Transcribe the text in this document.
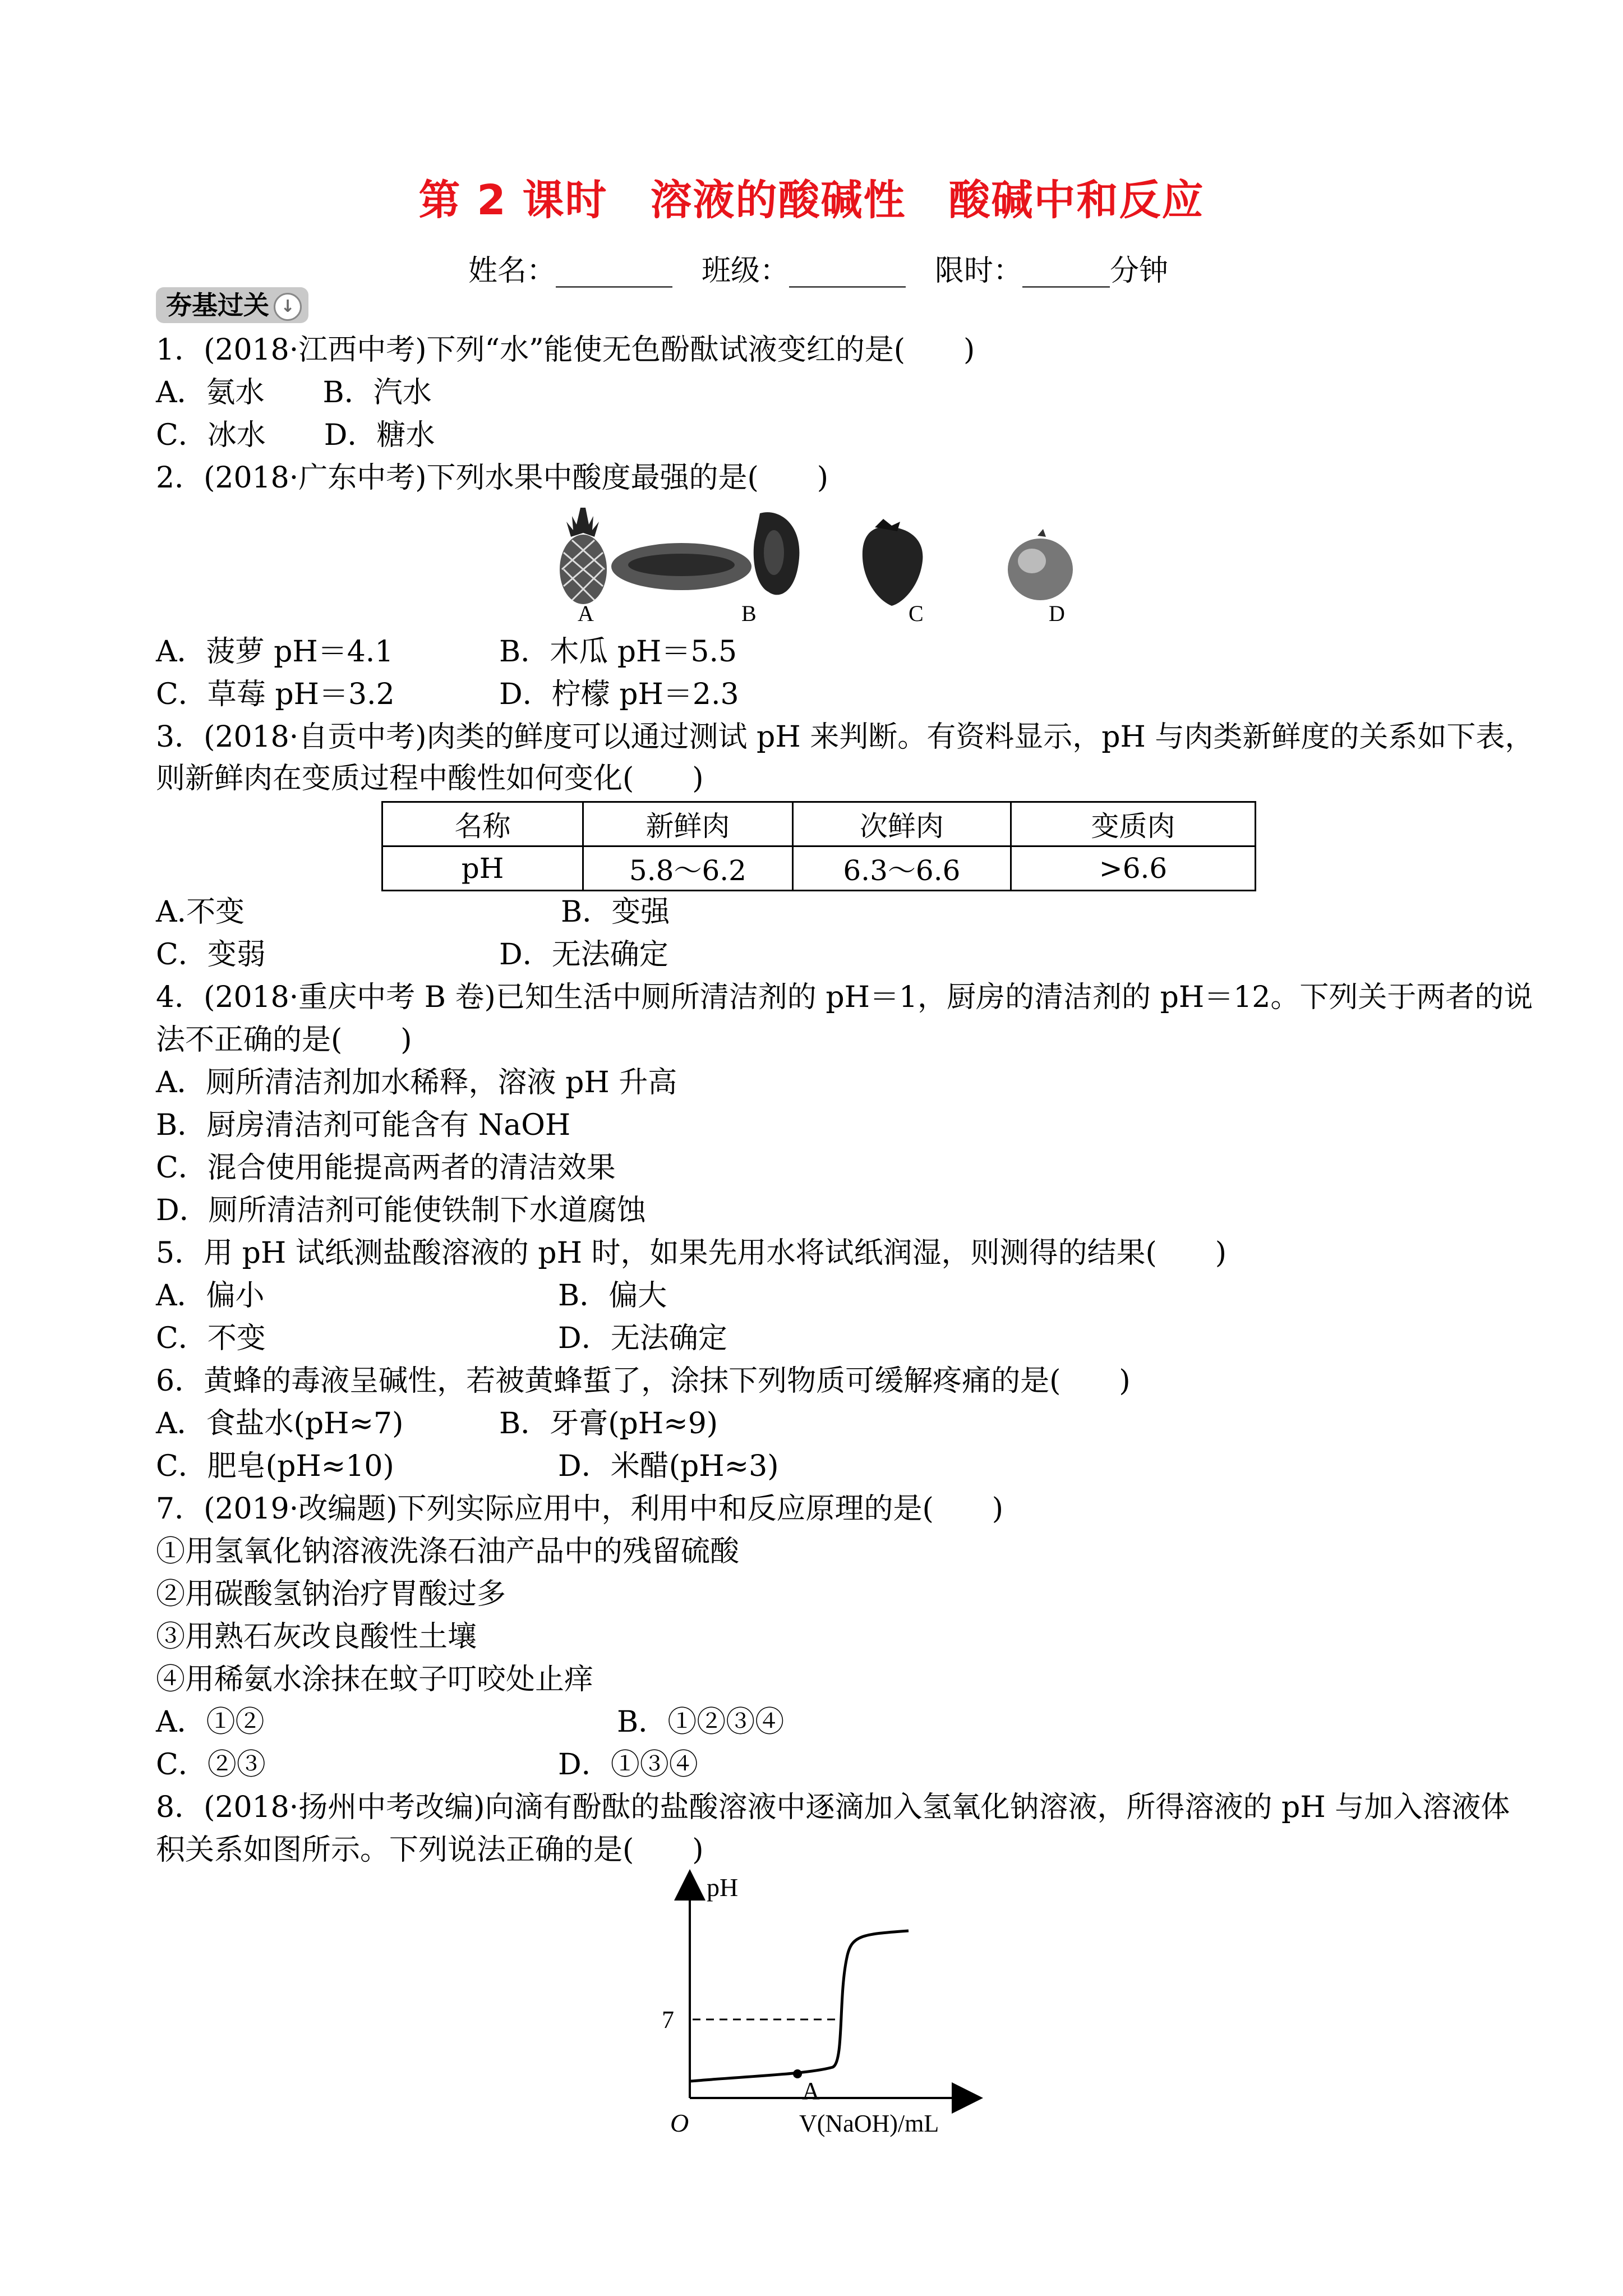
第 2 课时　溶液的酸碱性　酸碱中和反应
姓名：________　班级：________　限时：______分钟
夯基过关 ↓
1．(2018·江西中考)下列“水”能使无色酚酞试液变红的是(　　)
A．氨水　　B．汽水
C．冰水　　D．糖水
2．(2018·广东中考)下列水果中酸度最强的是(　　)
A	B	C	D
A．菠萝 pH＝4.1	B．木瓜 pH＝5.5
C．草莓 pH＝3.2	D．柠檬 pH＝2.3
3．(2018·自贡中考)肉类的鲜度可以通过测试 pH 来判断。有资料显示，pH 与肉类新鲜度的关系如下表，
则新鲜肉在变质过程中酸性如何变化(　　)
名称	新鲜肉	次鲜肉	变质肉
pH	5.8～6.2	6.3～6.6	>6.6
A.不变	B．变强
C．变弱	D．无法确定
4．(2018·重庆中考 B 卷)已知生活中厕所清洁剂的 pH＝1，厨房的清洁剂的 pH＝12。下列关于两者的说
法不正确的是(　　)
A．厕所清洁剂加水稀释，溶液 pH 升高
B．厨房清洁剂可能含有 NaOH
C．混合使用能提高两者的清洁效果
D．厕所清洁剂可能使铁制下水道腐蚀
5．用 pH 试纸测盐酸溶液的 pH 时，如果先用水将试纸润湿，则测得的结果(　　)
A．偏小	B．偏大
C．不变	D．无法确定
6．黄蜂的毒液呈碱性，若被黄蜂蜇了，涂抹下列物质可缓解疼痛的是(　　)
A．食盐水(pH≈7)	B．牙膏(pH≈9)
C．肥皂(pH≈10)	D．米醋(pH≈3)
7．(2019·改编题)下列实际应用中，利用中和反应原理的是(　　)
①用氢氧化钠溶液洗涤石油产品中的残留硫酸
②用碳酸氢钠治疗胃酸过多
③用熟石灰改良酸性土壤
④用稀氨水涂抹在蚊子叮咬处止痒
A．①②	B．①②③④
C．②③	D．①③④
8．(2018·扬州中考改编)向滴有酚酞的盐酸溶液中逐滴加入氢氧化钠溶液，所得溶液的 pH 与加入溶液体
积关系如图所示。下列说法正确的是(　　)
pH
7
A
O	V(NaOH)/mL
